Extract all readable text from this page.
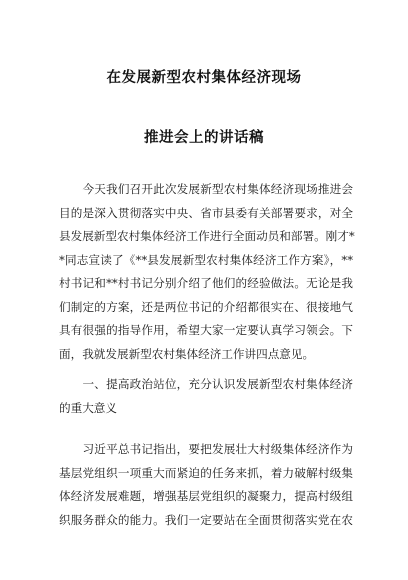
在发展新型农村集体经济现场
推进会上的讲话稿
　　今天我们召开此次发展新型农村集体经济现场推进会
目的是深入贯彻落实中央、省市县委有关部署要求，对全
县发展新型农村集体经济工作进行全面动员和部署。刚才*
*同志宣读了《**县发展新型农村集体经济工作方案》，**
村书记和**村书记分别介绍了他们的经验做法。无论是我
们制定的方案，还是两位书记的介绍都很实在、很接地气
具有很强的指导作用，希望大家一定要认真学习领会。下
面，我就发展新型农村集体经济工作讲四点意见。
　　一、提高政治站位，充分认识发展新型农村集体经济
的重大意义
　　习近平总书记指出，要把发展壮大村级集体经济作为
基层党组织一项重大而紧迫的任务来抓，着力破解村级集
体经济发展难题，增强基层党组织的凝聚力，提高村级组
织服务群众的能力。我们一定要站在全面贯彻落实党在农
